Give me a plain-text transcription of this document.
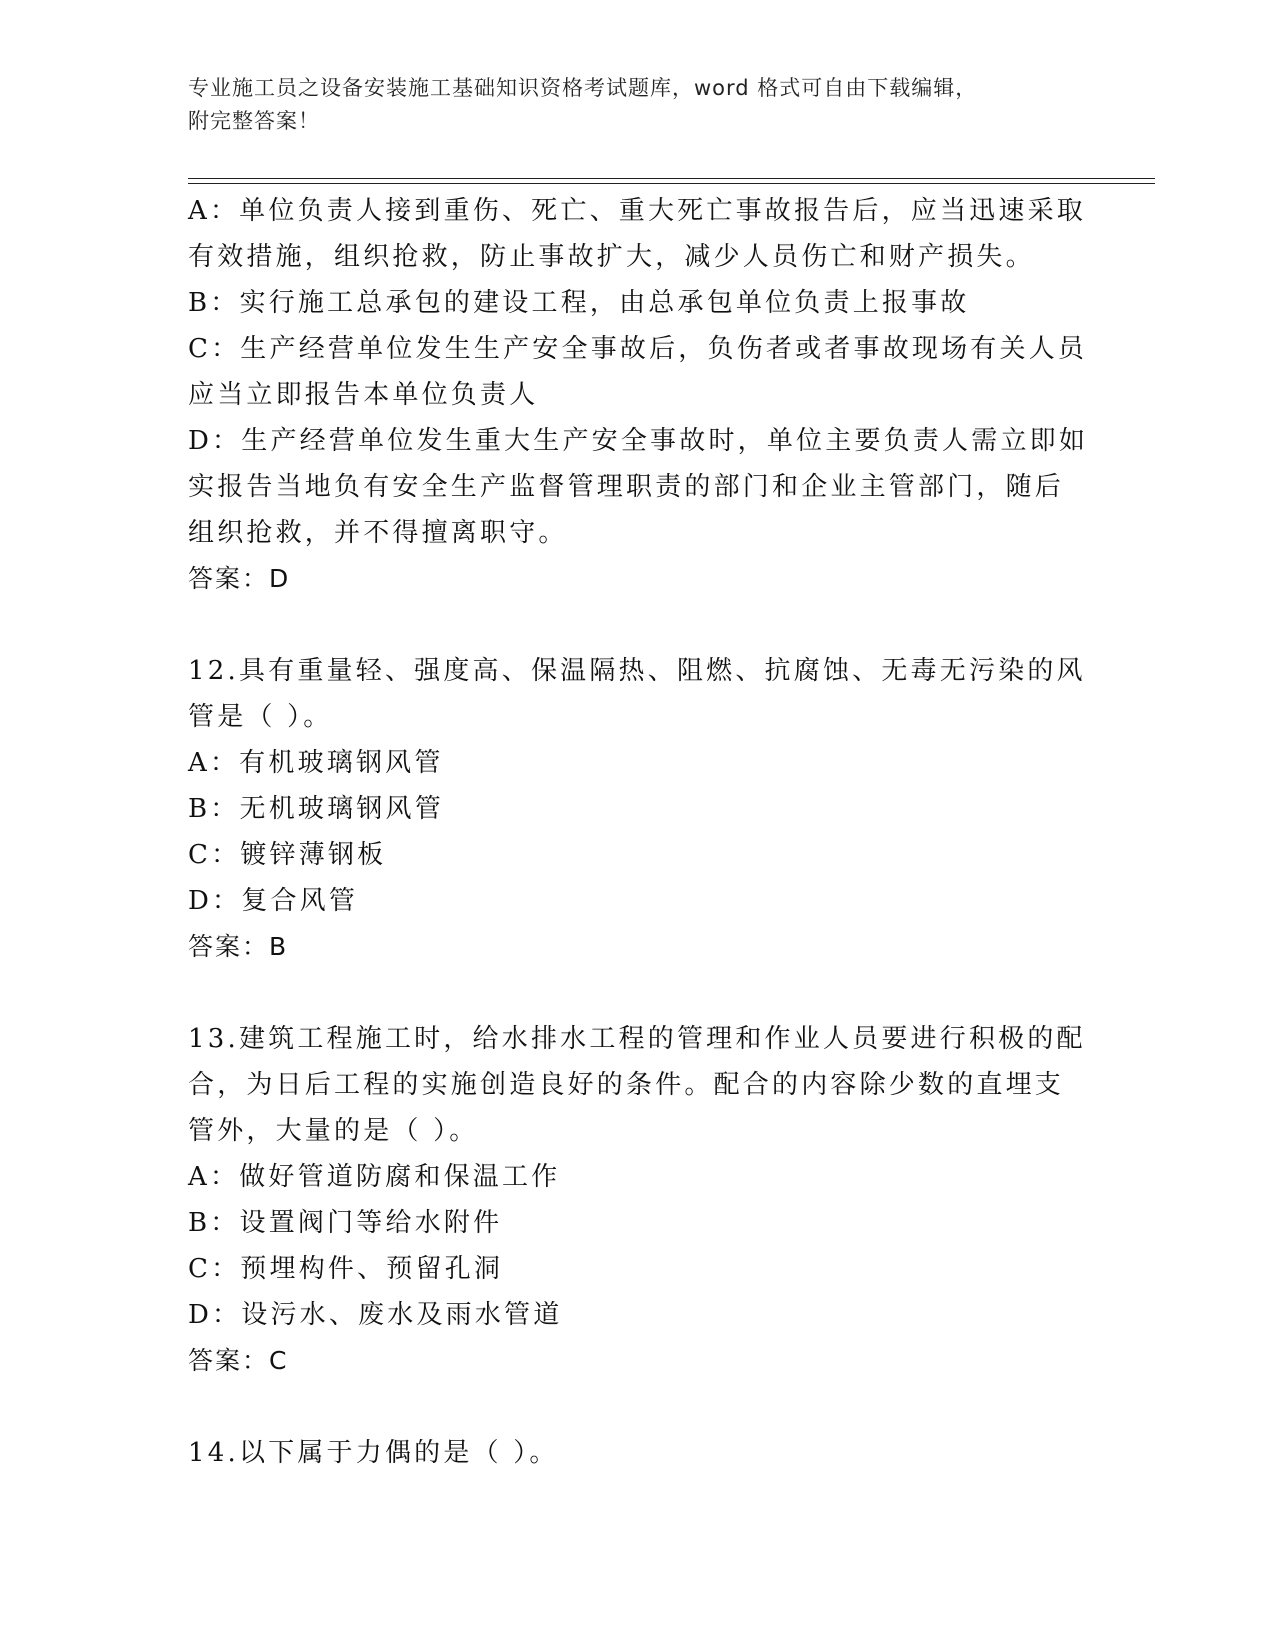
专业施工员之设备安装施工基础知识资格考试题库，word 格式可自由下载编辑，
附完整答案！
A：单位负责人接到重伤、死亡、重大死亡事故报告后，应当迅速采取
有效措施，组织抢救，防止事故扩大，减少人员伤亡和财产损失。
B：实行施工总承包的建设工程，由总承包单位负责上报事故
C：生产经营单位发生生产安全事故后，负伤者或者事故现场有关人员
应当立即报告本单位负责人
D：生产经营单位发生重大生产安全事故时，单位主要负责人需立即如
实报告当地负有安全生产监督管理职责的部门和企业主管部门，随后
组织抢救，并不得擅离职守。
答案：D
12.具有重量轻、强度高、保温隔热、阻燃、抗腐蚀、无毒无污染的风
管是（ ）。
A：有机玻璃钢风管
B：无机玻璃钢风管
C：镀锌薄钢板
D：复合风管
答案：B
13.建筑工程施工时，给水排水工程的管理和作业人员要进行积极的配
合，为日后工程的实施创造良好的条件。配合的内容除少数的直埋支
管外，大量的是（ ）。
A：做好管道防腐和保温工作
B：设置阀门等给水附件
C：预埋构件、预留孔洞
D：设污水、废水及雨水管道
答案：C
14.以下属于力偶的是（ ）。
